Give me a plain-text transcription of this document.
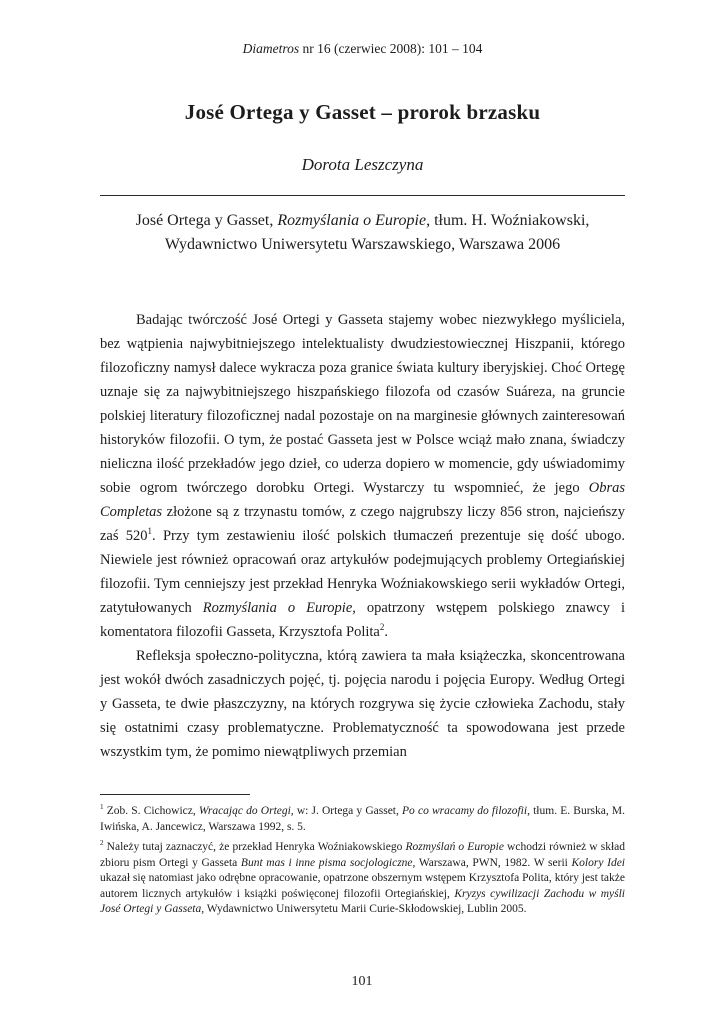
Diametros nr 16 (czerwiec 2008): 101 – 104
José Ortega y Gasset – prorok brzasku
Dorota Leszczyna
José Ortega y Gasset, Rozmyślania o Europie, tłum. H. Woźniakowski, Wydawnictwo Uniwersytetu Warszawskiego, Warszawa 2006

Badając twórczość José Ortegi y Gasseta stajemy wobec niezwykłego myśliciela, bez wątpienia najwybitniejszego intelektualisty dwudziestowiecznej Hiszpanii, którego filozoficzny namysł dalece wykracza poza granice świata kultury iberyjskiej. Choć Ortegę uznaje się za najwybitniejszego hiszpańskiego filozofa od czasów Suáreza, na gruncie polskiej literatury filozoficznej nadal pozostaje on na marginesie głównych zainteresowań historyków filozofii. O tym, że postać Gasseta jest w Polsce wciąż mało znana, świadczy nieliczna ilość przekładów jego dzieł, co uderza dopiero w momencie, gdy uświadomimy sobie ogrom twórczego dorobku Ortegi. Wystarczy tu wspomnieć, że jego Obras Completas złożone są z trzynastu tomów, z czego najgrubszy liczy 856 stron, najcieńszy zaś $520^1$. Przy tym zestawieniu ilość polskich tłumaczeń prezentuje się dość ubogo. Niewiele jest również opracowań oraz artykułów podejmujących problemy Ortegiańskiej filozofii. Tym cenniejszy jest przekład Henryka Woźniakowskiego serii wykładów Ortegi, zatytułowanych Rozmyślania o Europie, opatrzony wstępem polskiego znawcy i komentatora filozofii Gasseta, Krzysztofa Polita$^2$.

Refleksja społeczno-polityczna, którą zawiera ta mała książeczka, skoncentrowana jest wokół dwóch zasadniczych pojęć, tj. pojęcia narodu i pojęcia Europy. Według Ortegi y Gasseta, te dwie płaszczyzny, na których rozgrywa się życie człowieka Zachodu, stały się ostatnimi czasy problematyczne. Problematyczność ta spowodowana jest przede wszystkim tym, że pomimo niewątpliwych przemian

$^1$ Zob. S. Cichowicz, Wracając do Ortegi, w: J. Ortega y Gasset, Po co wracamy do filozofii, tłum. E. Burska, M. Iwińska, A. Jancewicz, Warszawa 1992, s. 5.

$^2$ Należy tutaj zaznaczyć, że przekład Henryka Woźniakowskiego Rozmyślań o Europie wchodzi również w skład zbioru pism Ortegi y Gasseta Bunt mas i inne pisma socjologiczne, Warszawa, PWN, 1982. W serii Kolory Idei ukazał się natomiast jako odrębne opracowanie, opatrzone obszernym wstępem Krzysztofa Polita, który jest także autorem licznych artykułów i książki poświęconej filozofii Ortegiańskiej, Kryzys cywilizacji Zachodu w myśli José Ortegi y Gasseta, Wydawnictwo Uniwersytetu Marii Curie-Skłodowskiej, Lublin 2005.

101
